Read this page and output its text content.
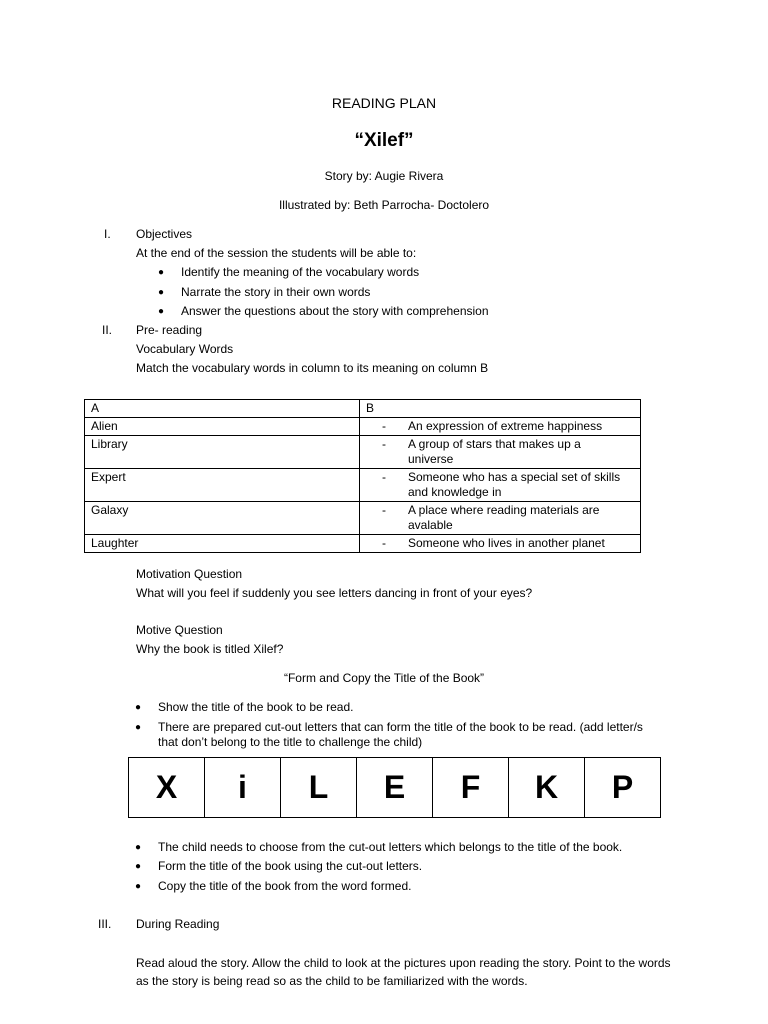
READING PLAN
“Xilef”
Story by: Augie Rivera
Illustrated by: Beth Parrocha- Doctolero
I. Objectives
At the end of the session the students will be able to:
● Identify the meaning of the vocabulary words
● Narrate the story in their own words
● Answer the questions about the story with comprehension
II. Pre- reading
Vocabulary Words
Match the vocabulary words in column to its meaning on column B
A	B
Alien	- An expression of extreme happiness

Library	- A group of stars that makes up a universe

Expert	- Someone who has a special set of skills and knowledge in

Galaxy	- A place where reading materials are avalable

Laughter	- Someone who lives in another planet
Motivation Question
What will you feel if suddenly you see letters dancing in front of your eyes?
Motive Question
Why the book is titled Xilef?
“Form and Copy the Title of the Book”
● Show the title of the book to be read.
● There are prepared cut-out letters that can form the title of the book to be read. (add letter/s that don’t belong to the title to challenge the child)
X	i	L	E	F	K	P
● The child needs to choose from the cut-out letters which belongs to the title of the book.
● Form the title of the book using the cut-out letters.
● Copy the title of the book from the word formed.
III. During Reading
Read aloud the story. Allow the child to look at the pictures upon reading the story. Point to the words as the story is being read so as the child to be familiarized with the words.
